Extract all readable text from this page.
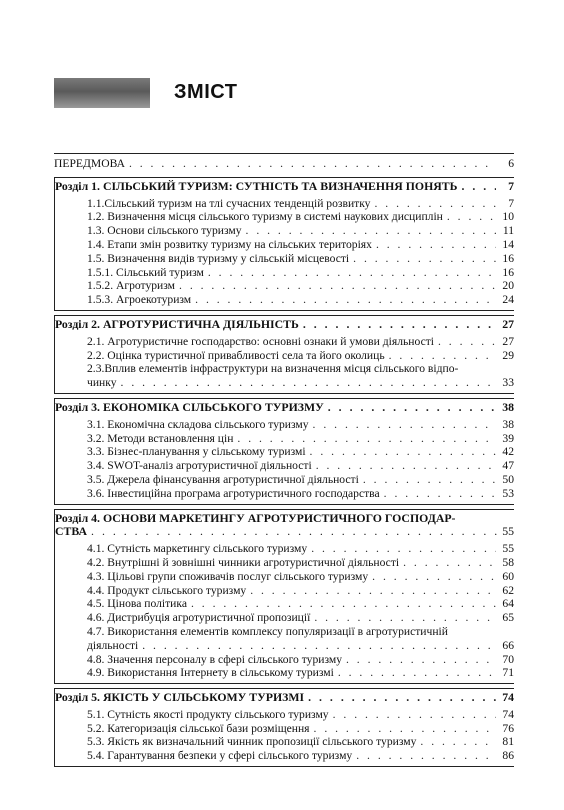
ЗМІСТ
ПЕРЕДМОВА . . .	6
Розділ 1. СІЛЬСЬКИЙ ТУРИЗМ: СУТНІСТЬ ТА ВИЗНАЧЕННЯ ПОНЯТЬ . . .	7
1.1.Сільський туризм на тлі сучасних тенденцій розвитку . . .	7
1.2. Визначення місця сільського туризму в системі наукових дисциплін . . .	10
1.3. Основи сільського туризму . . .	11
1.4. Етапи змін розвитку туризму на сільських територіях . . .	14
1.5. Визначення видів туризму у сільській місцевості . . .	16
1.5.1. Сільський туризм . . .	16
1.5.2. Агротуризм . . .	20
1.5.3. Агроекотуризм . . .	24
Розділ 2. АГРОТУРИСТИЧНА ДІЯЛЬНІСТЬ . . .	27
2.1. Агротуристичне господарство: основні ознаки й умови діяльності . . .	27
2.2. Оцінка туристичної привабливості села та його околиць . . .	29
2.3.Вплив елементів інфраструктури на визначення місця сільського відпо-
чинку . . .	33
Розділ 3. ЕКОНОМІКА СІЛЬСЬКОГО ТУРИЗМУ . . .	38
3.1. Економічна складова сільського туризму . . .	38
3.2. Методи встановлення цін . . .	39
3.3. Бізнес-планування у сільському туризмі . . .	42
3.4. SWOT-аналіз агротуристичної діяльності . . .	47
3.5. Джерела фінансування агротуристичної діяльності . . .	50
3.6. Інвестиційна програма агротуристичного господарства . . .	53
Розділ 4. ОСНОВИ МАРКЕТИНГУ АГРОТУРИСТИЧНОГО ГОСПОДАР-
СТВА . . .	55
4.1. Сутність маркетингу сільського туризму . . .	55
4.2. Внутрішні й зовнішні чинники агротуристичної діяльності . . .	58
4.3. Цільові групи споживачів послуг сільського туризму . . .	60
4.4. Продукт сільського туризму . . .	62
4.5. Цінова політика . . .	64
4.6. Дистрибуція агротуристичної пропозиції . . .	65
4.7. Використання елементів комплексу популяризації в агротуристичній
діяльності . . .	66
4.8. Значення персоналу в сфері сільського туризму . . .	70
4.9. Використання Інтернету в сільському туризмі . . .	71
Розділ 5. ЯКІСТЬ У СІЛЬСЬКОМУ ТУРИЗМІ . . .	74
5.1. Сутність якості продукту сільського туризму . . .	74
5.2. Категоризація сільської бази розміщення . . .	76
5.3. Якість як визначальний чинник пропозиції сільського туризму . . .	81
5.4. Гарантування безпеки у сфері сільського туризму . . .	86
